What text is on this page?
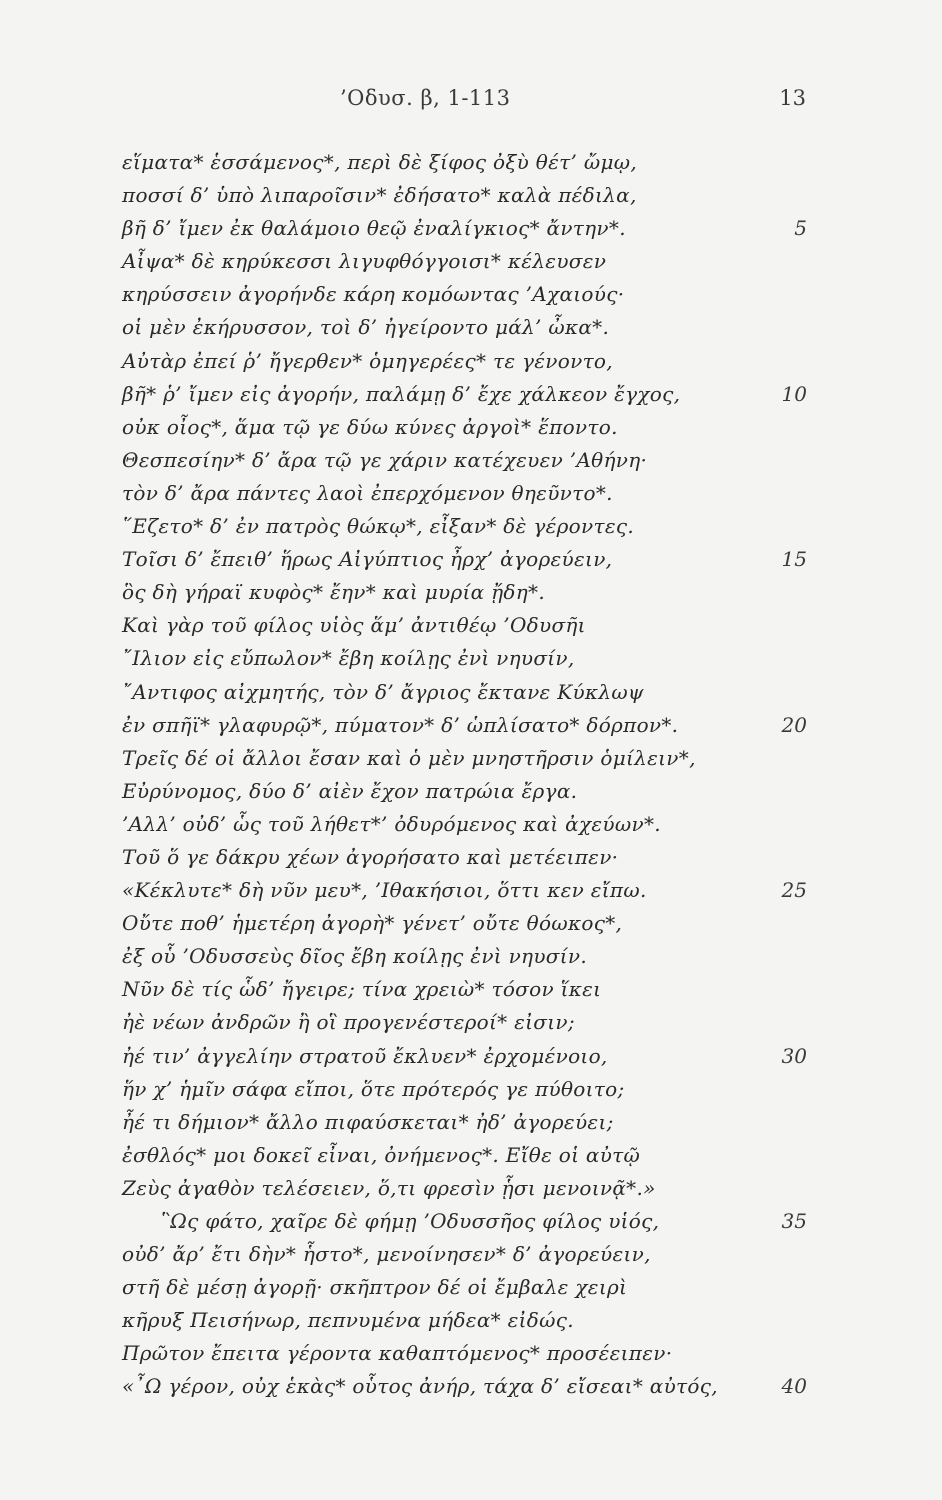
’Οδυσ. β, 1-113	13
εἵματα* ἑσσάμενος*, περὶ δὲ ξίφος ὀξὺ θέτ’ ὤμῳ,
ποσσί δ’ ὑπὸ λιπαροῖσιν* ἐδήσατο* καλὰ πέδιλα,
βῆ δ’ ἴμεν ἐκ θαλάμοιο θεῷ ἐναλίγκιος* ἄντην*.	5
Αἶψα* δὲ κηρύκεσσι λιγυφθόγγοισι* κέλευσεν
κηρύσσειν ἀγορήνδε κάρη κομόωντας ’Αχαιούς·
οἱ μὲν ἐκήρυσσον, τοὶ δ’ ἠγείροντο μάλ’ ὦκα*.
Αὐτὰρ ἐπεί ῥ’ ἤγερθεν* ὁμηγερέες* τε γένοντο,
βῆ* ῥ’ ἴμεν εἰς ἀγορήν, παλάμῃ δ’ ἔχε χάλκεον ἔγχος,	10
οὐκ οἶος*, ἅμα τῷ γε δύω κύνες ἀργοὶ* ἕποντο.
Θεσπεσίην* δ’ ἄρα τῷ γε χάριν κατέχευεν ’Αθήνη·
τὸν δ’ ἄρα πάντες λαοὶ ἐπερχόμενον θηεῦντο*.
῞Εζετο* δ’ ἐν πατρὸς θώκῳ*, εἶξαν* δὲ γέροντες.
Τοῖσι δ’ ἔπειθ’ ἥρως Αἰγύπτιος ἦρχ’ ἀγορεύειν,	15
ὃς δὴ γήραϊ κυφὸς* ἔην* καὶ μυρία ᾔδη*.
Καὶ γὰρ τοῦ φίλος υἱὸς ἅμ’ ἀντιθέῳ ’Οδυσῆι
῎Ιλιον εἰς εὔπωλον* ἔβη κοίλῃς ἐνὶ νηυσίν,
῎Αντιφος αἰχμητής, τὸν δ’ ἄγριος ἔκτανε Κύκλωψ
ἐν σπῆϊ* γλαφυρῷ*, πύματον* δ’ ὡπλίσατο* δόρπον*.	20
Τρεῖς δέ οἱ ἄλλοι ἔσαν καὶ ὁ μὲν μνηστῆρσιν ὁμίλειν*,
Εὐρύνομος, δύο δ’ αἰὲν ἔχον πατρώια ἔργα.
’Αλλ’ οὐδ’ ὧς τοῦ λήθετ*’ ὀδυρόμενος καὶ ἀχεύων*.
Τοῦ ὅ γε δάκρυ χέων ἀγορήσατο καὶ μετέειπεν·
«Κέκλυτε* δὴ νῦν μευ*, ’Ιθακήσιοι, ὅττι κεν εἴπω.	25
Οὔτε ποθ’ ἡμετέρη ἀγορὴ* γένετ’ οὔτε θόωκος*,
ἐξ οὗ ’Οδυσσεὺς δῖος ἔβη κοίλῃς ἐνὶ νηυσίν.
Νῦν δὲ τίς ὧδ’ ἤγειρε; τίνα χρειὼ* τόσον ἵκει
ἠὲ νέων ἀνδρῶν ἢ οἳ προγενέστεροί* εἰσιν;
ἠέ τιν’ ἀγγελίην στρατοῦ ἔκλυεν* ἐρχομένοιο,	30
ἥν χ’ ἡμῖν σάφα εἴποι, ὅτε πρότερός γε πύθοιτο;
ἦέ τι δήμιον* ἄλλο πιφαύσκεται* ἠδ’ ἀγορεύει;
ἐσθλός* μοι δοκεῖ εἶναι, ὀνήμενος*. Εἴθε οἱ αὐτῷ
Ζεὺς ἀγαθὸν τελέσειεν, ὅ,τι φρεσὶν ᾗσι μενοινᾷ*.»
῝Ως φάτο, χαῖρε δὲ φήμῃ ’Οδυσσῆος φίλος υἱός,	35
οὐδ’ ἄρ’ ἔτι δὴν* ἧστο*, μενοίνησεν* δ’ ἀγορεύειν,
στῆ δὲ μέσῃ ἀγορῇ· σκῆπτρον δέ οἱ ἔμβαλε χειρὶ
κῆρυξ Πεισήνωρ, πεπνυμένα μήδεα* εἰδώς.
Πρῶτον ἔπειτα γέροντα καθαπτόμενος* προσέειπεν·
«῏Ω γέρον, οὐχ ἑκὰς* οὗτος ἀνήρ, τάχα δ’ εἴσεαι* αὐτός,	40
